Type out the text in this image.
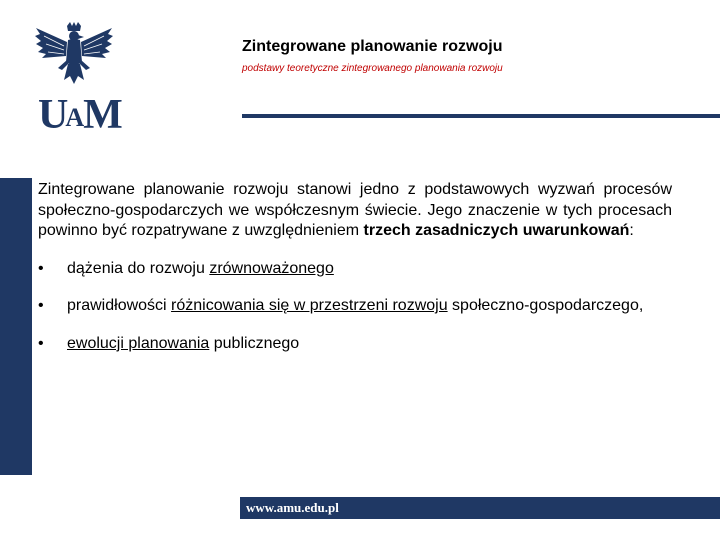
UAM
Zintegrowane planowanie rozwoju
podstawy teoretyczne zintegrowanego planowania rozwoju

Zintegrowane planowanie rozwoju stanowi jedno z podstawowych wyzwań procesów społeczno-gospodarczych we współczesnym świecie. Jego znaczenie w tych procesach powinno być rozpatrywane z uwzględnieniem trzech zasadniczych uwarunkowań:

•	dążenia do rozwoju zrównoważonego
•	prawidłowości różnicowania się w przestrzeni rozwoju społeczno-gospodarczego,
•	ewolucji planowania publicznego
www.amu.edu.pl
